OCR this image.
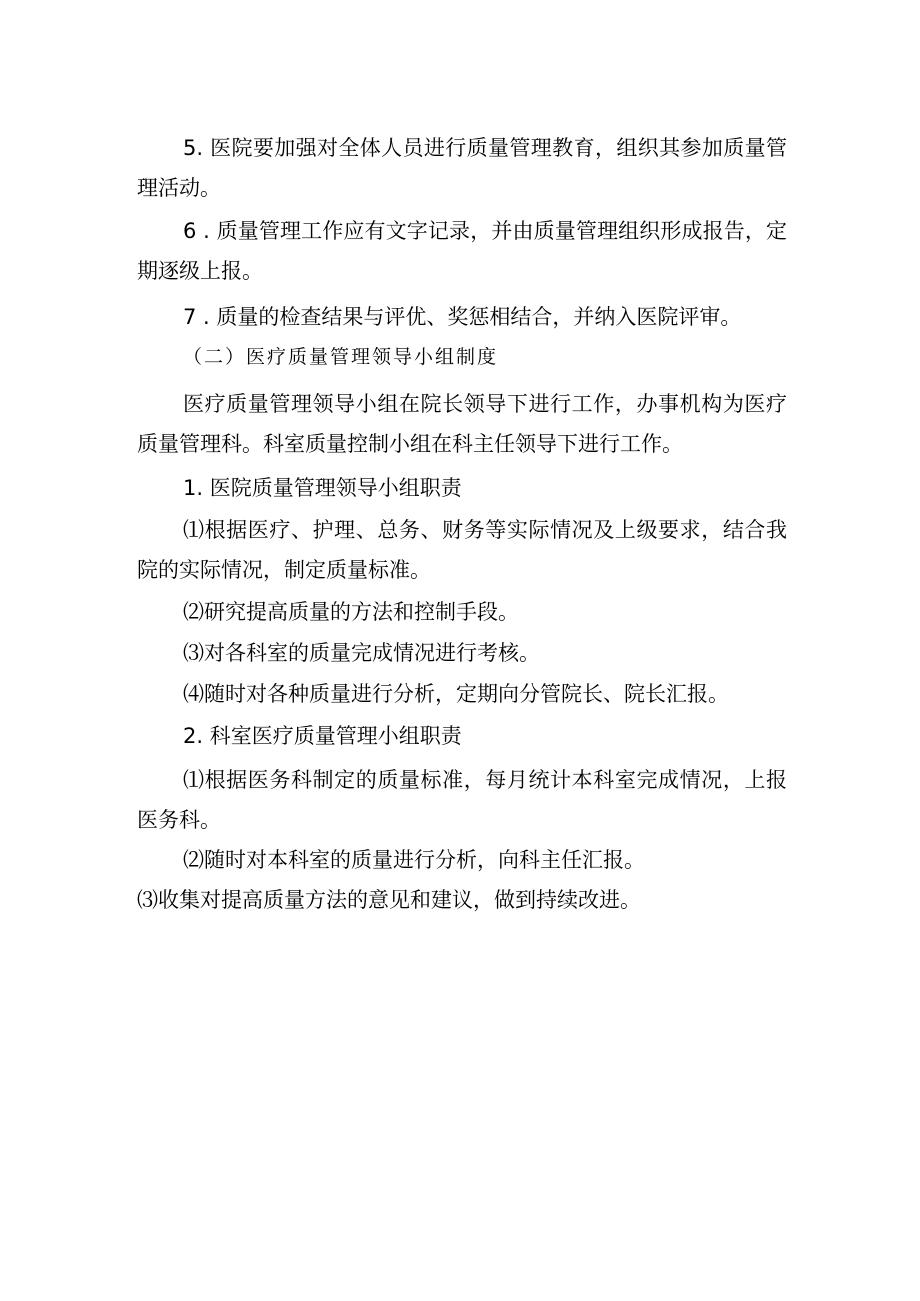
5. 医院要加强对全体人员进行质量管理教育，组织其参加质量管理活动。

6 . 质量管理工作应有文字记录，并由质量管理组织形成报告，定期逐级上报。

7 . 质量的检查结果与评优、奖惩相结合，并纳入医院评审。

（二）医疗质量管理领导小组制度

医疗质量管理领导小组在院长领导下进行工作，办事机构为医疗质量管理科。科室质量控制小组在科主任领导下进行工作。

1. 医院质量管理领导小组职责

⑴根据医疗、护理、总务、财务等实际情况及上级要求，结合我院的实际情况，制定质量标准。

⑵研究提高质量的方法和控制手段。

⑶对各科室的质量完成情况进行考核。

⑷随时对各种质量进行分析，定期向分管院长、院长汇报。

2. 科室医疗质量管理小组职责

⑴根据医务科制定的质量标准，每月统计本科室完成情况，上报医务科。

⑵随时对本科室的质量进行分析，向科主任汇报。

⑶收集对提高质量方法的意见和建议，做到持续改进。
